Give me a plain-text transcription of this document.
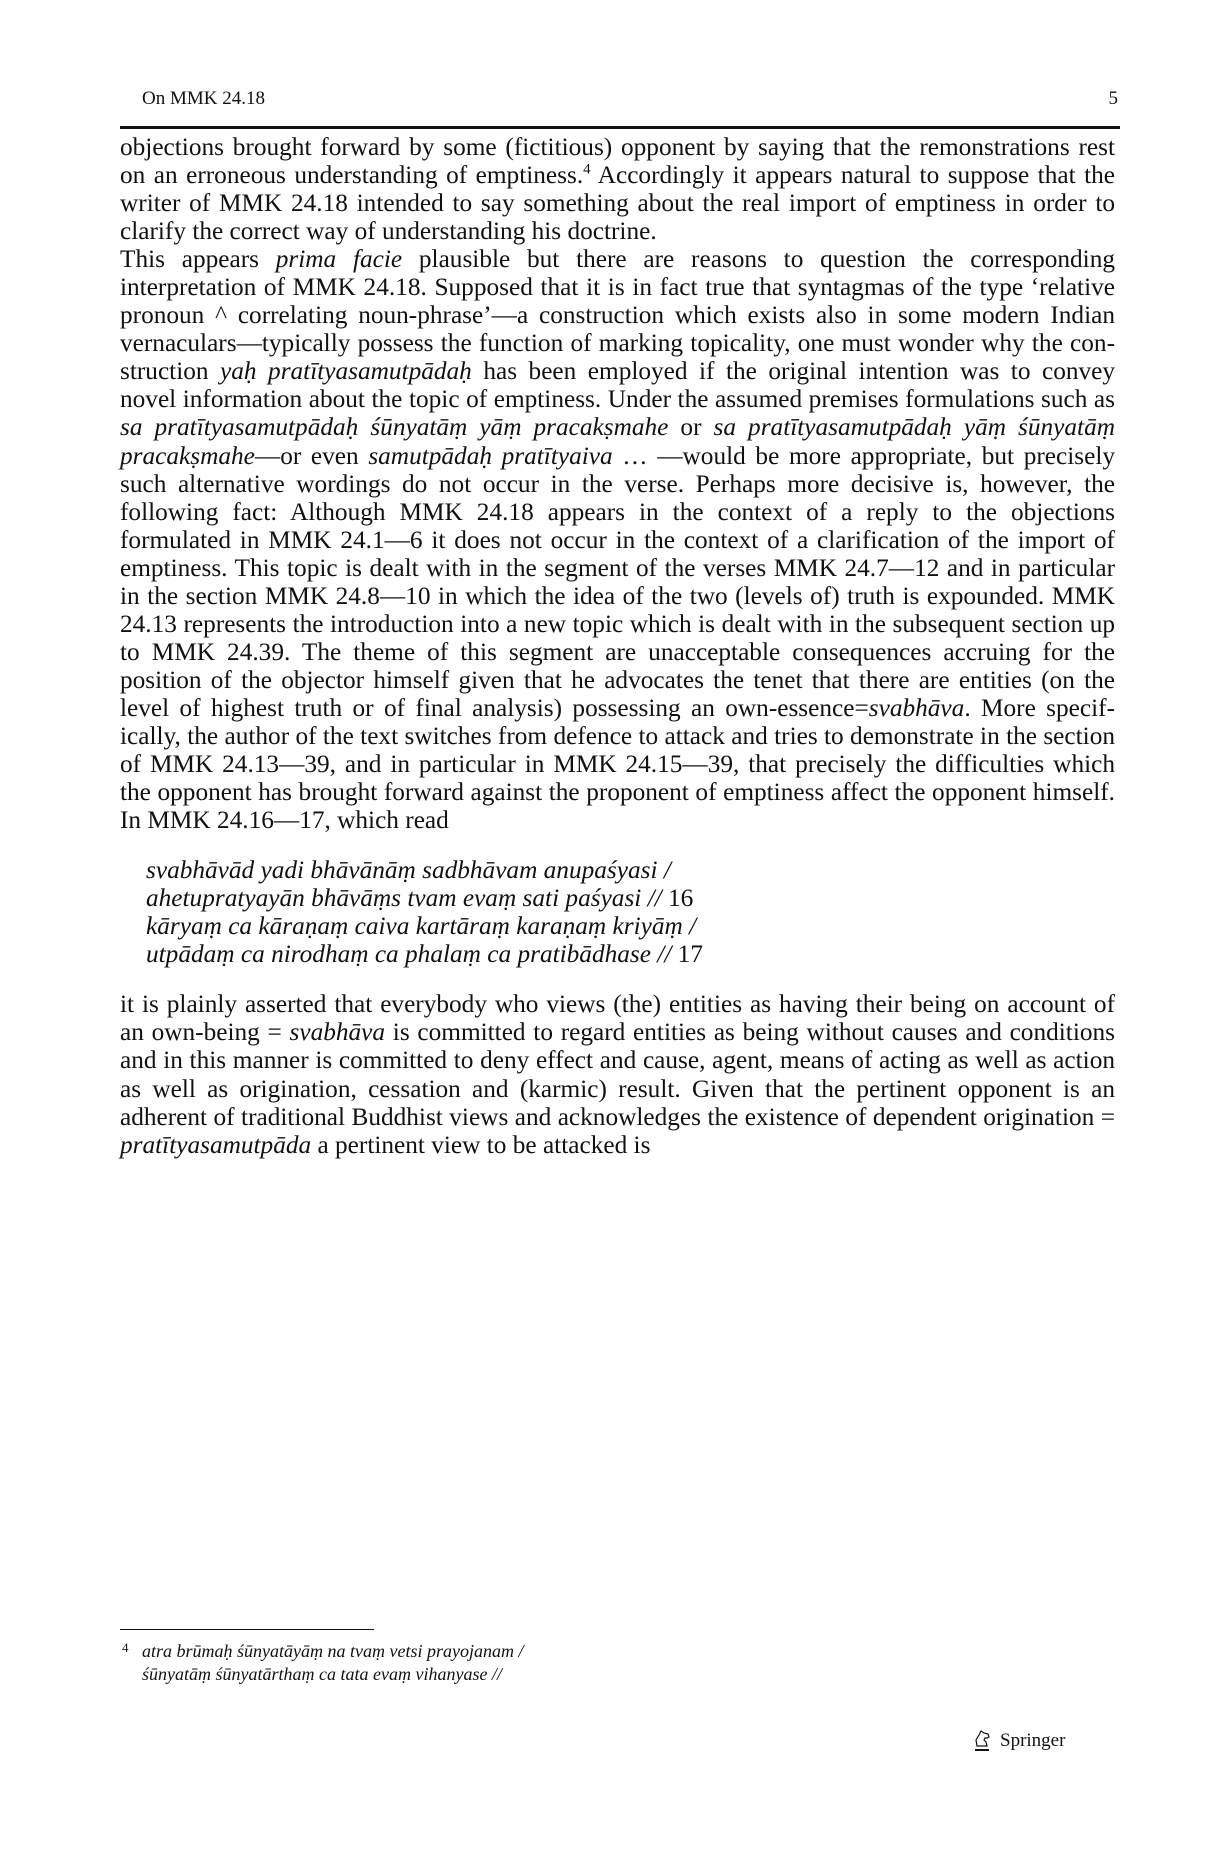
On MMK 24.18	5

objections brought forward by some (fictitious) opponent by saying that the remonstrations rest on an erroneous understanding of emptiness.$^4$ Accordingly it appears natural to suppose that the writer of MMK 24.18 intended to say something about the real import of emptiness in order to clarify the correct way of understanding his doctrine.

This appears prima facie plausible but there are reasons to question the corresponding interpretation of MMK 24.18. Supposed that it is in fact true that syntagmas of the type ‘relative pronoun ^ correlating noun-phrase’—a construction which exists also in some modern Indian vernaculars—typically possess the function of marking topicality, one must wonder why the construction yaḥ pratītyasamutpādaḥ has been employed if the original intention was to convey novel information about the topic of emptiness. Under the assumed premises formulations such as sa pratītyasamutpādaḥ śūnyatāṃ yāṃ pracakṣmahe or sa pratītyasamutpādaḥ yāṃ śūnyatāṃ pracakṣmahe—or even samutpādaḥ pratītyaiva … —would be more appropriate, but precisely such alternative wordings do not occur in the verse. Perhaps more decisive is, however, the following fact: Although MMK 24.18 appears in the context of a reply to the objections formulated in MMK 24.1—6 it does not occur in the context of a clarification of the import of emptiness. This topic is dealt with in the segment of the verses MMK 24.7—12 and in particular in the section MMK 24.8—10 in which the idea of the two (levels of) truth is expounded. MMK 24.13 represents the introduction into a new topic which is dealt with in the subsequent section up to MMK 24.39. The theme of this segment are unacceptable consequences accruing for the position of the objector himself given that he advocates the tenet that there are entities (on the level of highest truth or of final analysis) possessing an own-essence=svabhāva. More specifically, the author of the text switches from defence to attack and tries to demonstrate in the section of MMK 24.13—39, and in particular in MMK 24.15—39, that precisely the difficulties which the opponent has brought forward against the proponent of emptiness affect the opponent himself. In MMK 24.16—17, which read

svabhāvād yadi bhāvānāṃ sadbhāvam anupaśyasi /
ahetupratyayān bhāvāṃs tvam evaṃ sati paśyasi // 16
kāryaṃ ca kāraṇaṃ caiva kartāraṃ karaṇaṃ kriyāṃ /
utpādaṃ ca nirodhaṃ ca phalaṃ ca pratibādhase // 17

it is plainly asserted that everybody who views (the) entities as having their being on account of an own-being = svabhāva is committed to regard entities as being without causes and conditions and in this manner is committed to deny effect and cause, agent, means of acting as well as action as well as origination, cessation and (karmic) result. Given that the pertinent opponent is an adherent of traditional Buddhist views and acknowledges the existence of dependent origination = pratītyasamutpāda a pertinent view to be attacked is

4 atra brūmaḥ śūnyatāyāṃ na tvaṃ vetsi prayojanam /
śūnyatāṃ śūnyatārthaṃ ca tata evaṃ vihanyase //
Springer
